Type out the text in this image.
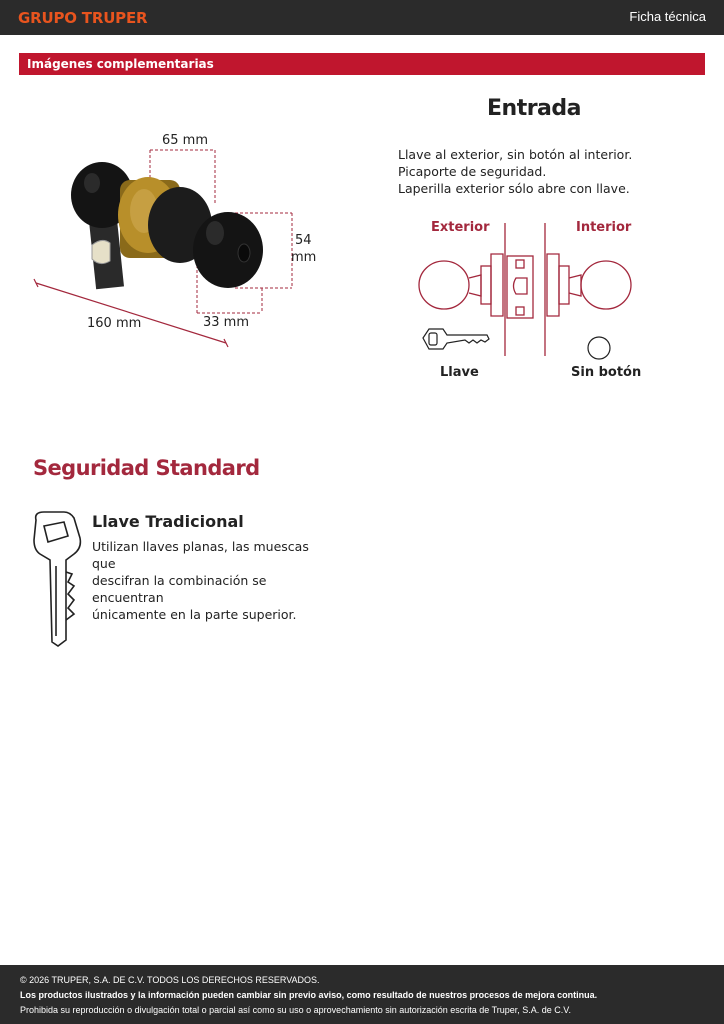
GRUPO TRUPER	Ficha técnica
Imágenes complementarias
65 mm
54
mm
160 mm	33 mm
Entrada
Llave al exterior, sin botón al interior.
Picaporte de seguridad.
Laperilla exterior sólo abre con llave.
Exterior	Interior
Llave	Sin botón
Seguridad Standard
Llave Tradicional
Utilizan llaves planas, las muescas que
descifran la combinación se encuentran
únicamente en la parte superior.

© 2026 TRUPER, S.A. DE C.V. TODOS LOS DERECHOS RESERVADOS.

Los productos ilustrados y la información pueden cambiar sin previo aviso, como resultado de nuestros procesos de mejora continua.

Prohibida su reproducción o divulgación total o parcial así como su uso o aprovechamiento sin autorización escrita de Truper, S.A. de C.V.
